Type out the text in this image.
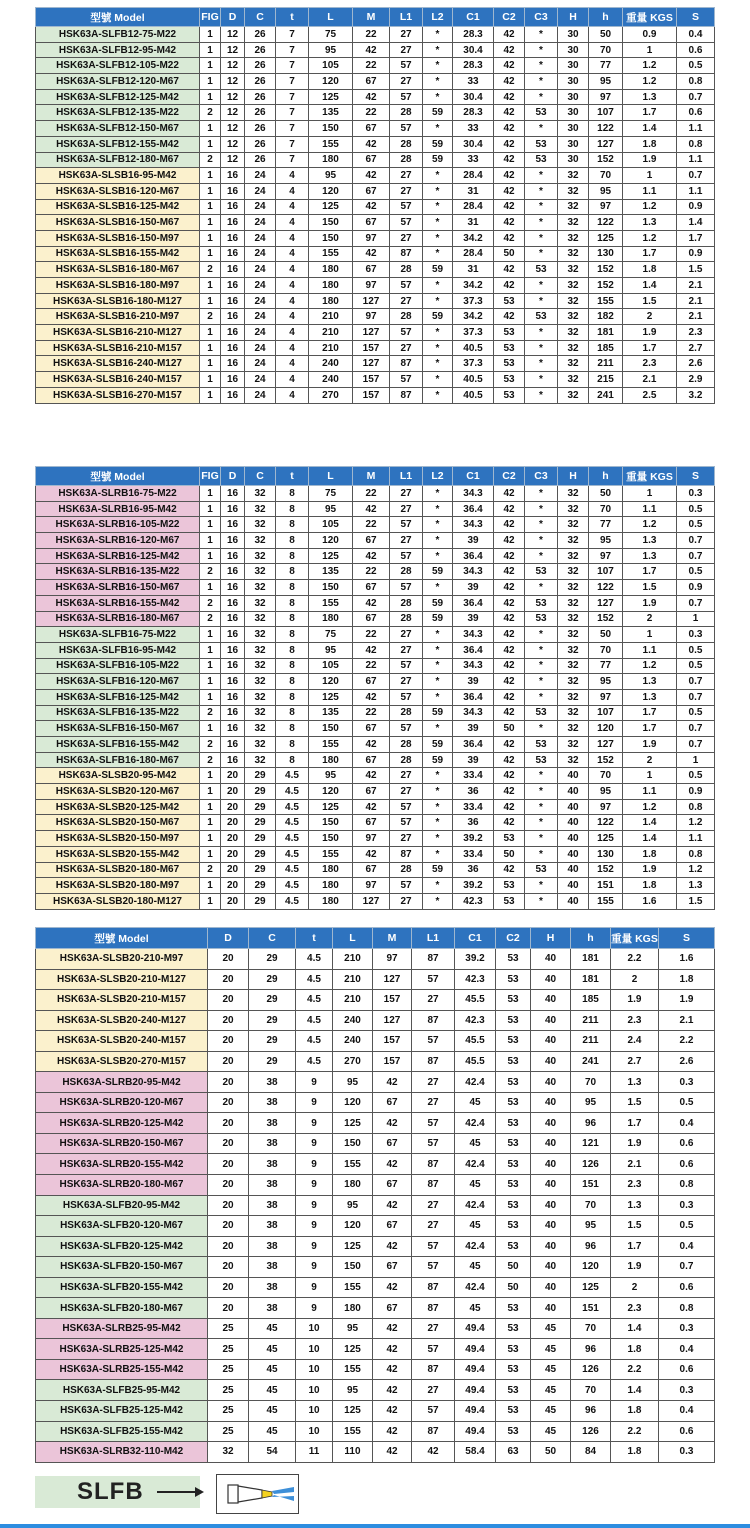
型號 Model	FIG	D	C	t	L	M	L1	L2	C1	C2	C3	H	h	重量 KGS	S
HSK63A-SLFB12-75-M22	1	12	26	7	75	22	27	*	28.3	42	*	30	50	0.9	0.4
HSK63A-SLFB12-95-M42	1	12	26	7	95	42	27	*	30.4	42	*	30	70	1	0.6
HSK63A-SLFB12-105-M22	1	12	26	7	105	22	57	*	28.3	42	*	30	77	1.2	0.5
HSK63A-SLFB12-120-M67	1	12	26	7	120	67	27	*	33	42	*	30	95	1.2	0.8
HSK63A-SLFB12-125-M42	1	12	26	7	125	42	57	*	30.4	42	*	30	97	1.3	0.7
HSK63A-SLFB12-135-M22	2	12	26	7	135	22	28	59	28.3	42	53	30	107	1.7	0.6
HSK63A-SLFB12-150-M67	1	12	26	7	150	67	57	*	33	42	*	30	122	1.4	1.1
HSK63A-SLFB12-155-M42	1	12	26	7	155	42	28	59	30.4	42	53	30	127	1.8	0.8
HSK63A-SLFB12-180-M67	2	12	26	7	180	67	28	59	33	42	53	30	152	1.9	1.1
HSK63A-SLSB16-95-M42	1	16	24	4	95	42	27	*	28.4	42	*	32	70	1	0.7
HSK63A-SLSB16-120-M67	1	16	24	4	120	67	27	*	31	42	*	32	95	1.1	1.1
HSK63A-SLSB16-125-M42	1	16	24	4	125	42	57	*	28.4	42	*	32	97	1.2	0.9
HSK63A-SLSB16-150-M67	1	16	24	4	150	67	57	*	31	42	*	32	122	1.3	1.4
HSK63A-SLSB16-150-M97	1	16	24	4	150	97	27	*	34.2	42	*	32	125	1.2	1.7
HSK63A-SLSB16-155-M42	1	16	24	4	155	42	87	*	28.4	50	*	32	130	1.7	0.9
HSK63A-SLSB16-180-M67	2	16	24	4	180	67	28	59	31	42	53	32	152	1.8	1.5
HSK63A-SLSB16-180-M97	1	16	24	4	180	97	57	*	34.2	42	*	32	152	1.4	2.1
HSK63A-SLSB16-180-M127	1	16	24	4	180	127	27	*	37.3	53	*	32	155	1.5	2.1
HSK63A-SLSB16-210-M97	2	16	24	4	210	97	28	59	34.2	42	53	32	182	2	2.1
HSK63A-SLSB16-210-M127	1	16	24	4	210	127	57	*	37.3	53	*	32	181	1.9	2.3
HSK63A-SLSB16-210-M157	1	16	24	4	210	157	27	*	40.5	53	*	32	185	1.7	2.7
HSK63A-SLSB16-240-M127	1	16	24	4	240	127	87	*	37.3	53	*	32	211	2.3	2.6
HSK63A-SLSB16-240-M157	1	16	24	4	240	157	57	*	40.5	53	*	32	215	2.1	2.9
HSK63A-SLSB16-270-M157	1	16	24	4	270	157	87	*	40.5	53	*	32	241	2.5	3.2
型號 Model	FIG	D	C	t	L	M	L1	L2	C1	C2	C3	H	h	重量 KGS	S
HSK63A-SLRB16-75-M22	1	16	32	8	75	22	27	*	34.3	42	*	32	50	1	0.3
HSK63A-SLRB16-95-M42	1	16	32	8	95	42	27	*	36.4	42	*	32	70	1.1	0.5
HSK63A-SLRB16-105-M22	1	16	32	8	105	22	57	*	34.3	42	*	32	77	1.2	0.5
HSK63A-SLRB16-120-M67	1	16	32	8	120	67	27	*	39	42	*	32	95	1.3	0.7
HSK63A-SLRB16-125-M42	1	16	32	8	125	42	57	*	36.4	42	*	32	97	1.3	0.7
HSK63A-SLRB16-135-M22	2	16	32	8	135	22	28	59	34.3	42	53	32	107	1.7	0.5
HSK63A-SLRB16-150-M67	1	16	32	8	150	67	57	*	39	42	*	32	122	1.5	0.9
HSK63A-SLRB16-155-M42	2	16	32	8	155	42	28	59	36.4	42	53	32	127	1.9	0.7
HSK63A-SLRB16-180-M67	2	16	32	8	180	67	28	59	39	42	53	32	152	2	1
HSK63A-SLFB16-75-M22	1	16	32	8	75	22	27	*	34.3	42	*	32	50	1	0.3
HSK63A-SLFB16-95-M42	1	16	32	8	95	42	27	*	36.4	42	*	32	70	1.1	0.5
HSK63A-SLFB16-105-M22	1	16	32	8	105	22	57	*	34.3	42	*	32	77	1.2	0.5
HSK63A-SLFB16-120-M67	1	16	32	8	120	67	27	*	39	42	*	32	95	1.3	0.7
HSK63A-SLFB16-125-M42	1	16	32	8	125	42	57	*	36.4	42	*	32	97	1.3	0.7
HSK63A-SLFB16-135-M22	2	16	32	8	135	22	28	59	34.3	42	53	32	107	1.7	0.5
HSK63A-SLFB16-150-M67	1	16	32	8	150	67	57	*	39	50	*	32	120	1.7	0.7
HSK63A-SLFB16-155-M42	2	16	32	8	155	42	28	59	36.4	42	53	32	127	1.9	0.7
HSK63A-SLFB16-180-M67	2	16	32	8	180	67	28	59	39	42	53	32	152	2	1
HSK63A-SLSB20-95-M42	1	20	29	4.5	95	42	27	*	33.4	42	*	40	70	1	0.5
HSK63A-SLSB20-120-M67	1	20	29	4.5	120	67	27	*	36	42	*	40	95	1.1	0.9
HSK63A-SLSB20-125-M42	1	20	29	4.5	125	42	57	*	33.4	42	*	40	97	1.2	0.8
HSK63A-SLSB20-150-M67	1	20	29	4.5	150	67	57	*	36	42	*	40	122	1.4	1.2
HSK63A-SLSB20-150-M97	1	20	29	4.5	150	97	27	*	39.2	53	*	40	125	1.4	1.1
HSK63A-SLSB20-155-M42	1	20	29	4.5	155	42	87	*	33.4	50	*	40	130	1.8	0.8
HSK63A-SLSB20-180-M67	2	20	29	4.5	180	67	28	59	36	42	53	40	152	1.9	1.2
HSK63A-SLSB20-180-M97	1	20	29	4.5	180	97	57	*	39.2	53	*	40	151	1.8	1.3
HSK63A-SLSB20-180-M127	1	20	29	4.5	180	127	27	*	42.3	53	*	40	155	1.6	1.5
型號 Model	D	C	t	L	M	L1	C1	C2	H	h	重量 KGS	S
HSK63A-SLSB20-210-M97	20	29	4.5	210	97	87	39.2	53	40	181	2.2	1.6
HSK63A-SLSB20-210-M127	20	29	4.5	210	127	57	42.3	53	40	181	2	1.8
HSK63A-SLSB20-210-M157	20	29	4.5	210	157	27	45.5	53	40	185	1.9	1.9
HSK63A-SLSB20-240-M127	20	29	4.5	240	127	87	42.3	53	40	211	2.3	2.1
HSK63A-SLSB20-240-M157	20	29	4.5	240	157	57	45.5	53	40	211	2.4	2.2
HSK63A-SLSB20-270-M157	20	29	4.5	270	157	87	45.5	53	40	241	2.7	2.6
HSK63A-SLRB20-95-M42	20	38	9	95	42	27	42.4	53	40	70	1.3	0.3
HSK63A-SLRB20-120-M67	20	38	9	120	67	27	45	53	40	95	1.5	0.5
HSK63A-SLRB20-125-M42	20	38	9	125	42	57	42.4	53	40	96	1.7	0.4
HSK63A-SLRB20-150-M67	20	38	9	150	67	57	45	53	40	121	1.9	0.6
HSK63A-SLRB20-155-M42	20	38	9	155	42	87	42.4	53	40	126	2.1	0.6
HSK63A-SLRB20-180-M67	20	38	9	180	67	87	45	53	40	151	2.3	0.8
HSK63A-SLFB20-95-M42	20	38	9	95	42	27	42.4	53	40	70	1.3	0.3
HSK63A-SLFB20-120-M67	20	38	9	120	67	27	45	53	40	95	1.5	0.5
HSK63A-SLFB20-125-M42	20	38	9	125	42	57	42.4	53	40	96	1.7	0.4
HSK63A-SLFB20-150-M67	20	38	9	150	67	57	45	50	40	120	1.9	0.7
HSK63A-SLFB20-155-M42	20	38	9	155	42	87	42.4	50	40	125	2	0.6
HSK63A-SLFB20-180-M67	20	38	9	180	67	87	45	53	40	151	2.3	0.8
HSK63A-SLRB25-95-M42	25	45	10	95	42	27	49.4	53	45	70	1.4	0.3
HSK63A-SLRB25-125-M42	25	45	10	125	42	57	49.4	53	45	96	1.8	0.4
HSK63A-SLRB25-155-M42	25	45	10	155	42	87	49.4	53	45	126	2.2	0.6
HSK63A-SLFB25-95-M42	25	45	10	95	42	27	49.4	53	45	70	1.4	0.3
HSK63A-SLFB25-125-M42	25	45	10	125	42	57	49.4	53	45	96	1.8	0.4
HSK63A-SLFB25-155-M42	25	45	10	155	42	87	49.4	53	45	126	2.2	0.6
HSK63A-SLRB32-110-M42	32	54	11	110	42	42	58.4	63	50	84	1.8	0.3
SLFB
